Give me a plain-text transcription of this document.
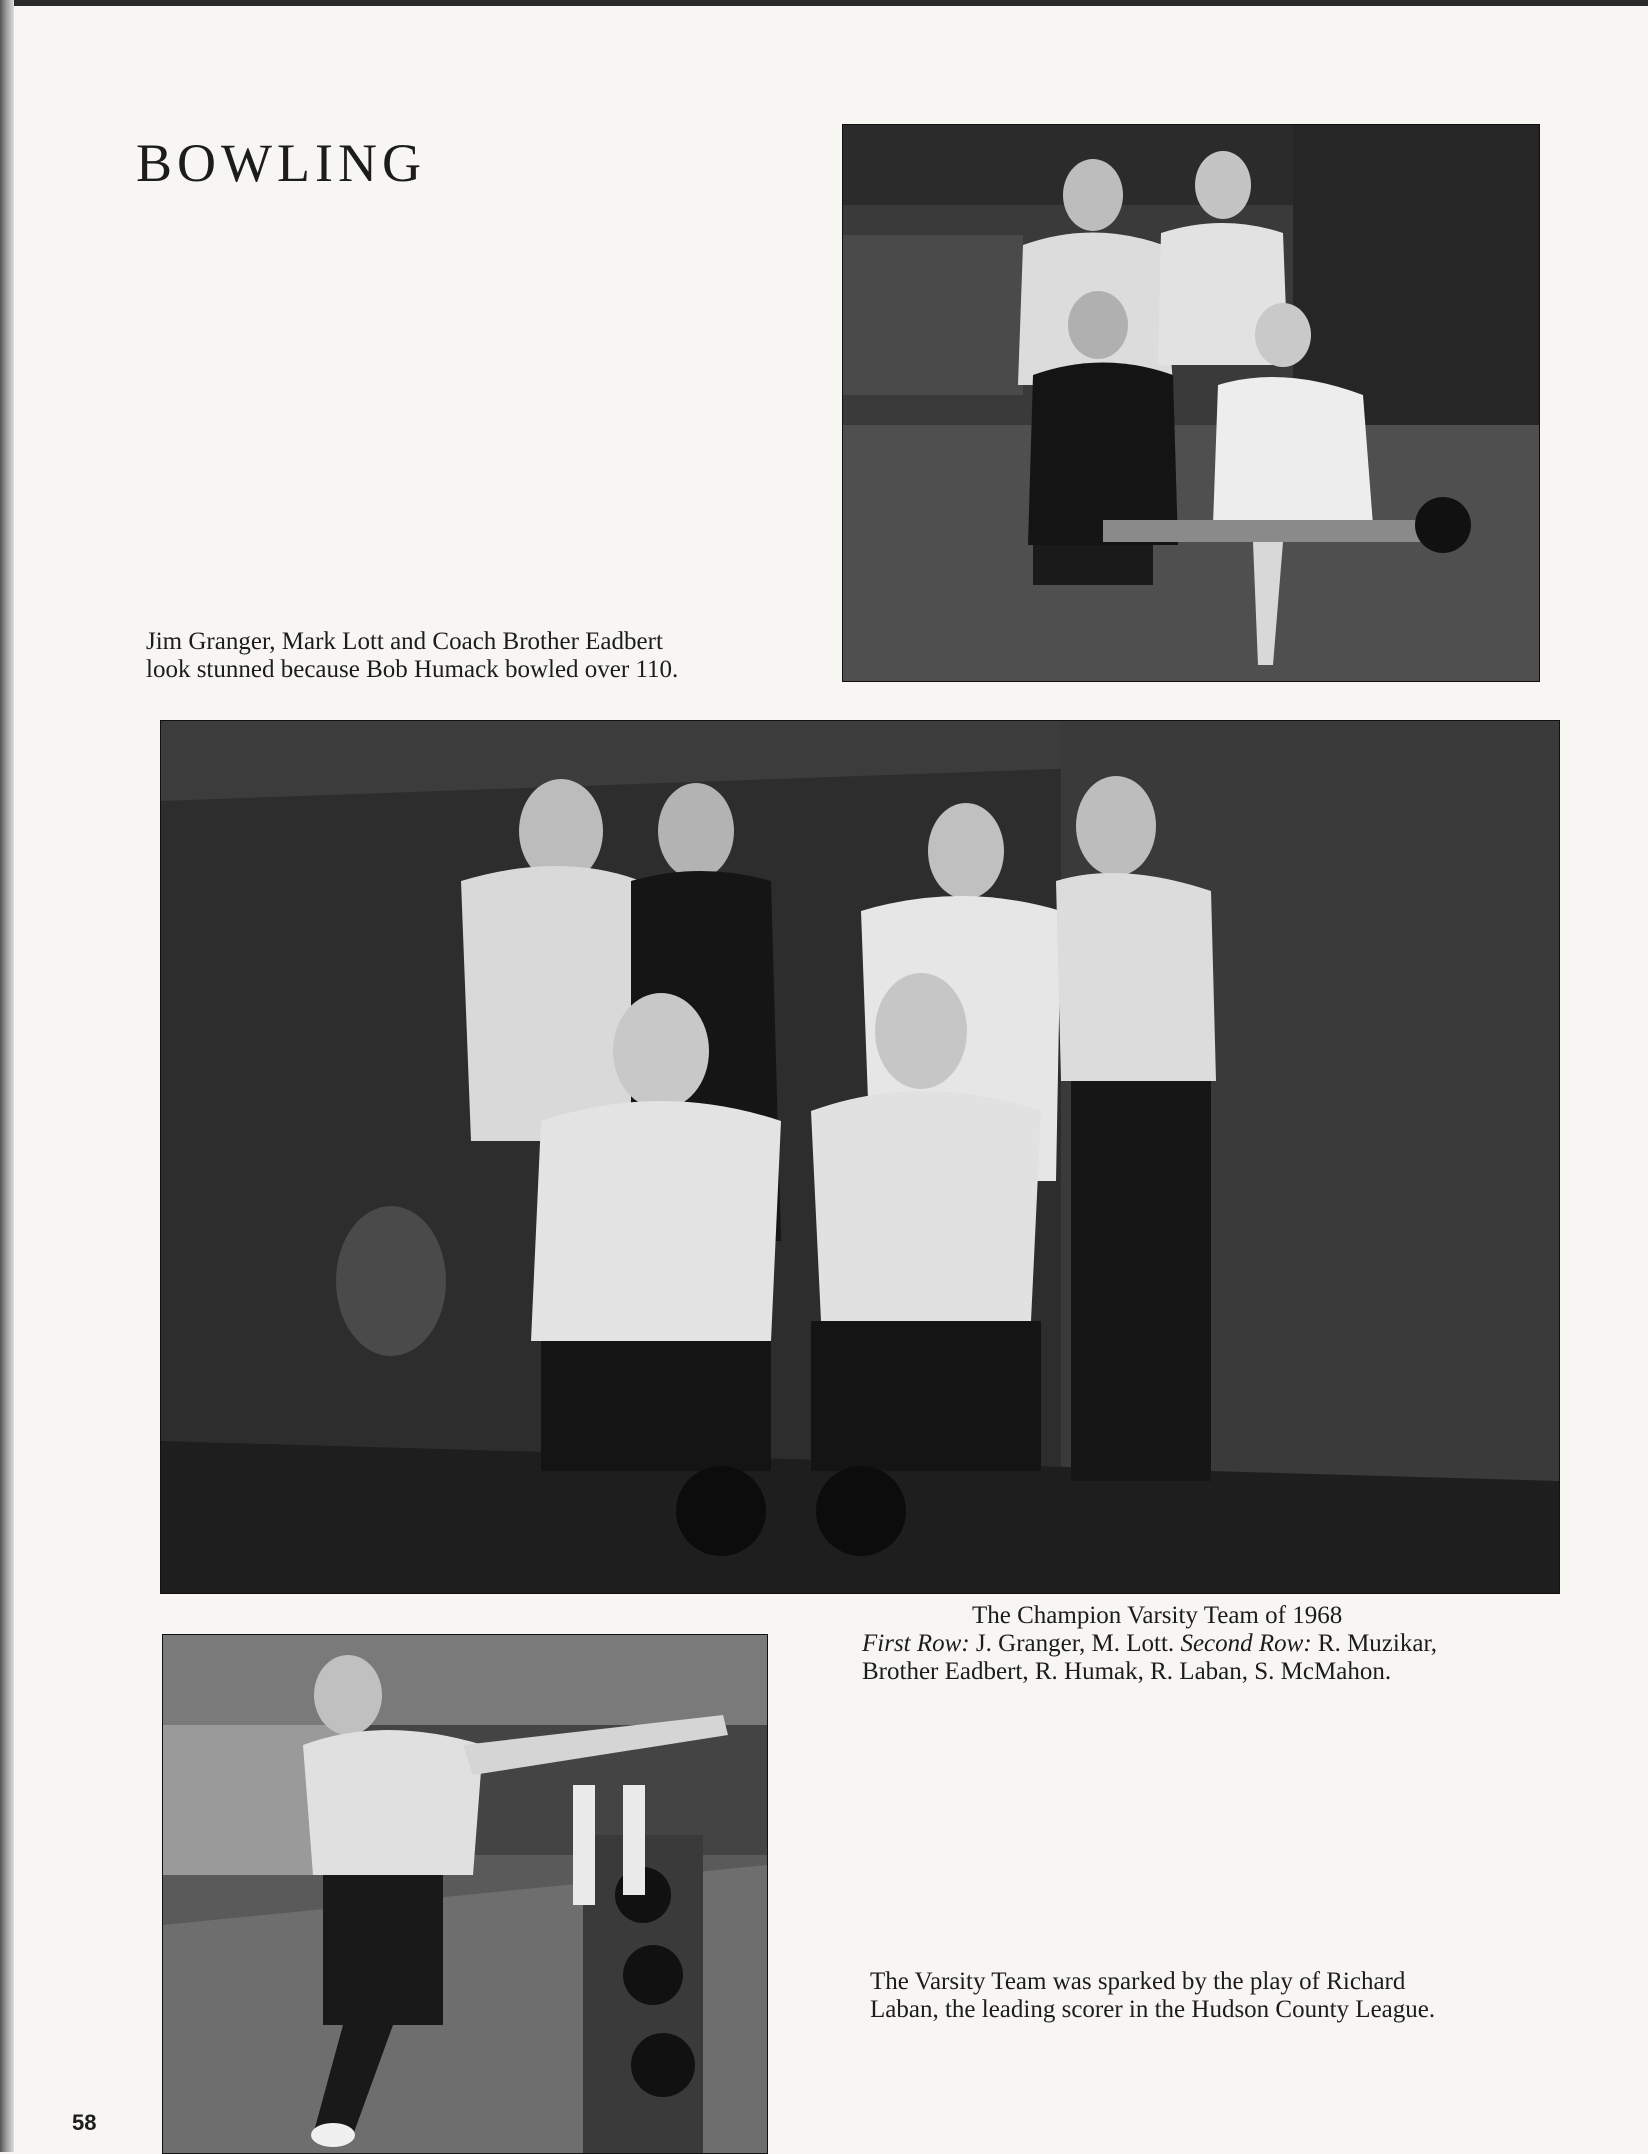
BOWLING

Jim Granger, Mark Lott and Coach Brother Eadbert
look stunned because Bob Humack bowled over 110.

The Champion Varsity Team of 1968
First Row: J. Granger, M. Lott. Second Row: R. Muzikar,
Brother Eadbert, R. Humak, R. Laban, S. McMahon.

The Varsity Team was sparked by the play of Richard
Laban, the leading scorer in the Hudson County League.

58
